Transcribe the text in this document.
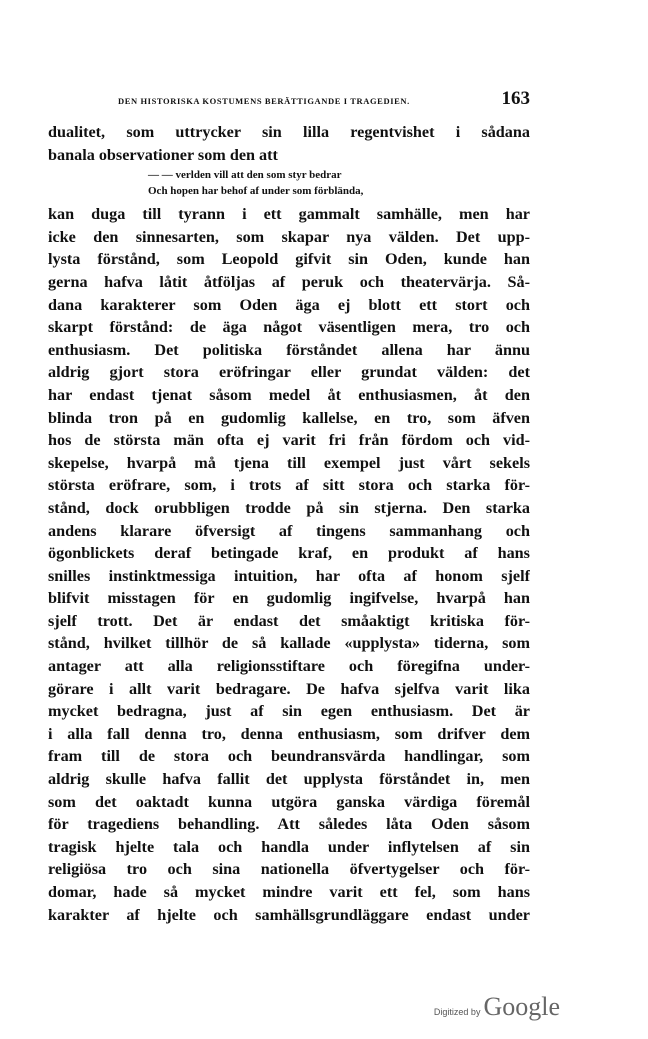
DEN HISTORISKA KOSTUMENS BERÄTTIGANDE I TRAGEDIEN.	163
dualitet, som uttrycker sin lilla regentvishet i sådana
banala observationer som den att
— — verlden vill att den som styr bedrar
Och hopen har behof af under som förblända,
kan duga till tyrann i ett gammalt samhälle, men har
icke den sinnesarten, som skapar nya välden. Det upp-
lysta förstånd, som Leopold gifvit sin Oden, kunde han
gerna hafva låtit åtföljas af peruk och theatervärja. Så-
dana karakterer som Oden äga ej blott ett stort och
skarpt förstånd: de äga något väsentligen mera, tro och
enthusiasm. Det politiska förståndet allena har ännu
aldrig gjort stora eröfringar eller grundat välden: det
har endast tjenat såsom medel åt enthusiasmen, åt den
blinda tron på en gudomlig kallelse, en tro, som äfven
hos de största män ofta ej varit fri från fördom och vid-
skepelse, hvarpå må tjena till exempel just vårt sekels
största eröfrare, som, i trots af sitt stora och starka för-
stånd, dock orubbligen trodde på sin stjerna. Den starka
andens klarare öfversigt af tingens sammanhang och
ögonblickets deraf betingade kraf, en produkt af hans
snilles instinktmessiga intuition, har ofta af honom sjelf
blifvit misstagen för en gudomlig ingifvelse, hvarpå han
sjelf trott. Det är endast det småaktigt kritiska för-
stånd, hvilket tillhör de så kallade «upplysta» tiderna, som
antager att alla religionsstiftare och föregifna under-
görare i allt varit bedragare. De hafva sjelfva varit lika
mycket bedragna, just af sin egen enthusiasm. Det är
i alla fall denna tro, denna enthusiasm, som drifver dem
fram till de stora och beundransvärda handlingar, som
aldrig skulle hafva fallit det upplysta förståndet in, men
som det oaktadt kunna utgöra ganska värdiga föremål
för tragediens behandling. Att således låta Oden såsom
tragisk hjelte tala och handla under inflytelsen af sin
religiösa tro och sina nationella öfvertygelser och för-
domar, hade så mycket mindre varit ett fel, som hans
karakter af hjelte och samhällsgrundläggare endast under
Digitized by Google
